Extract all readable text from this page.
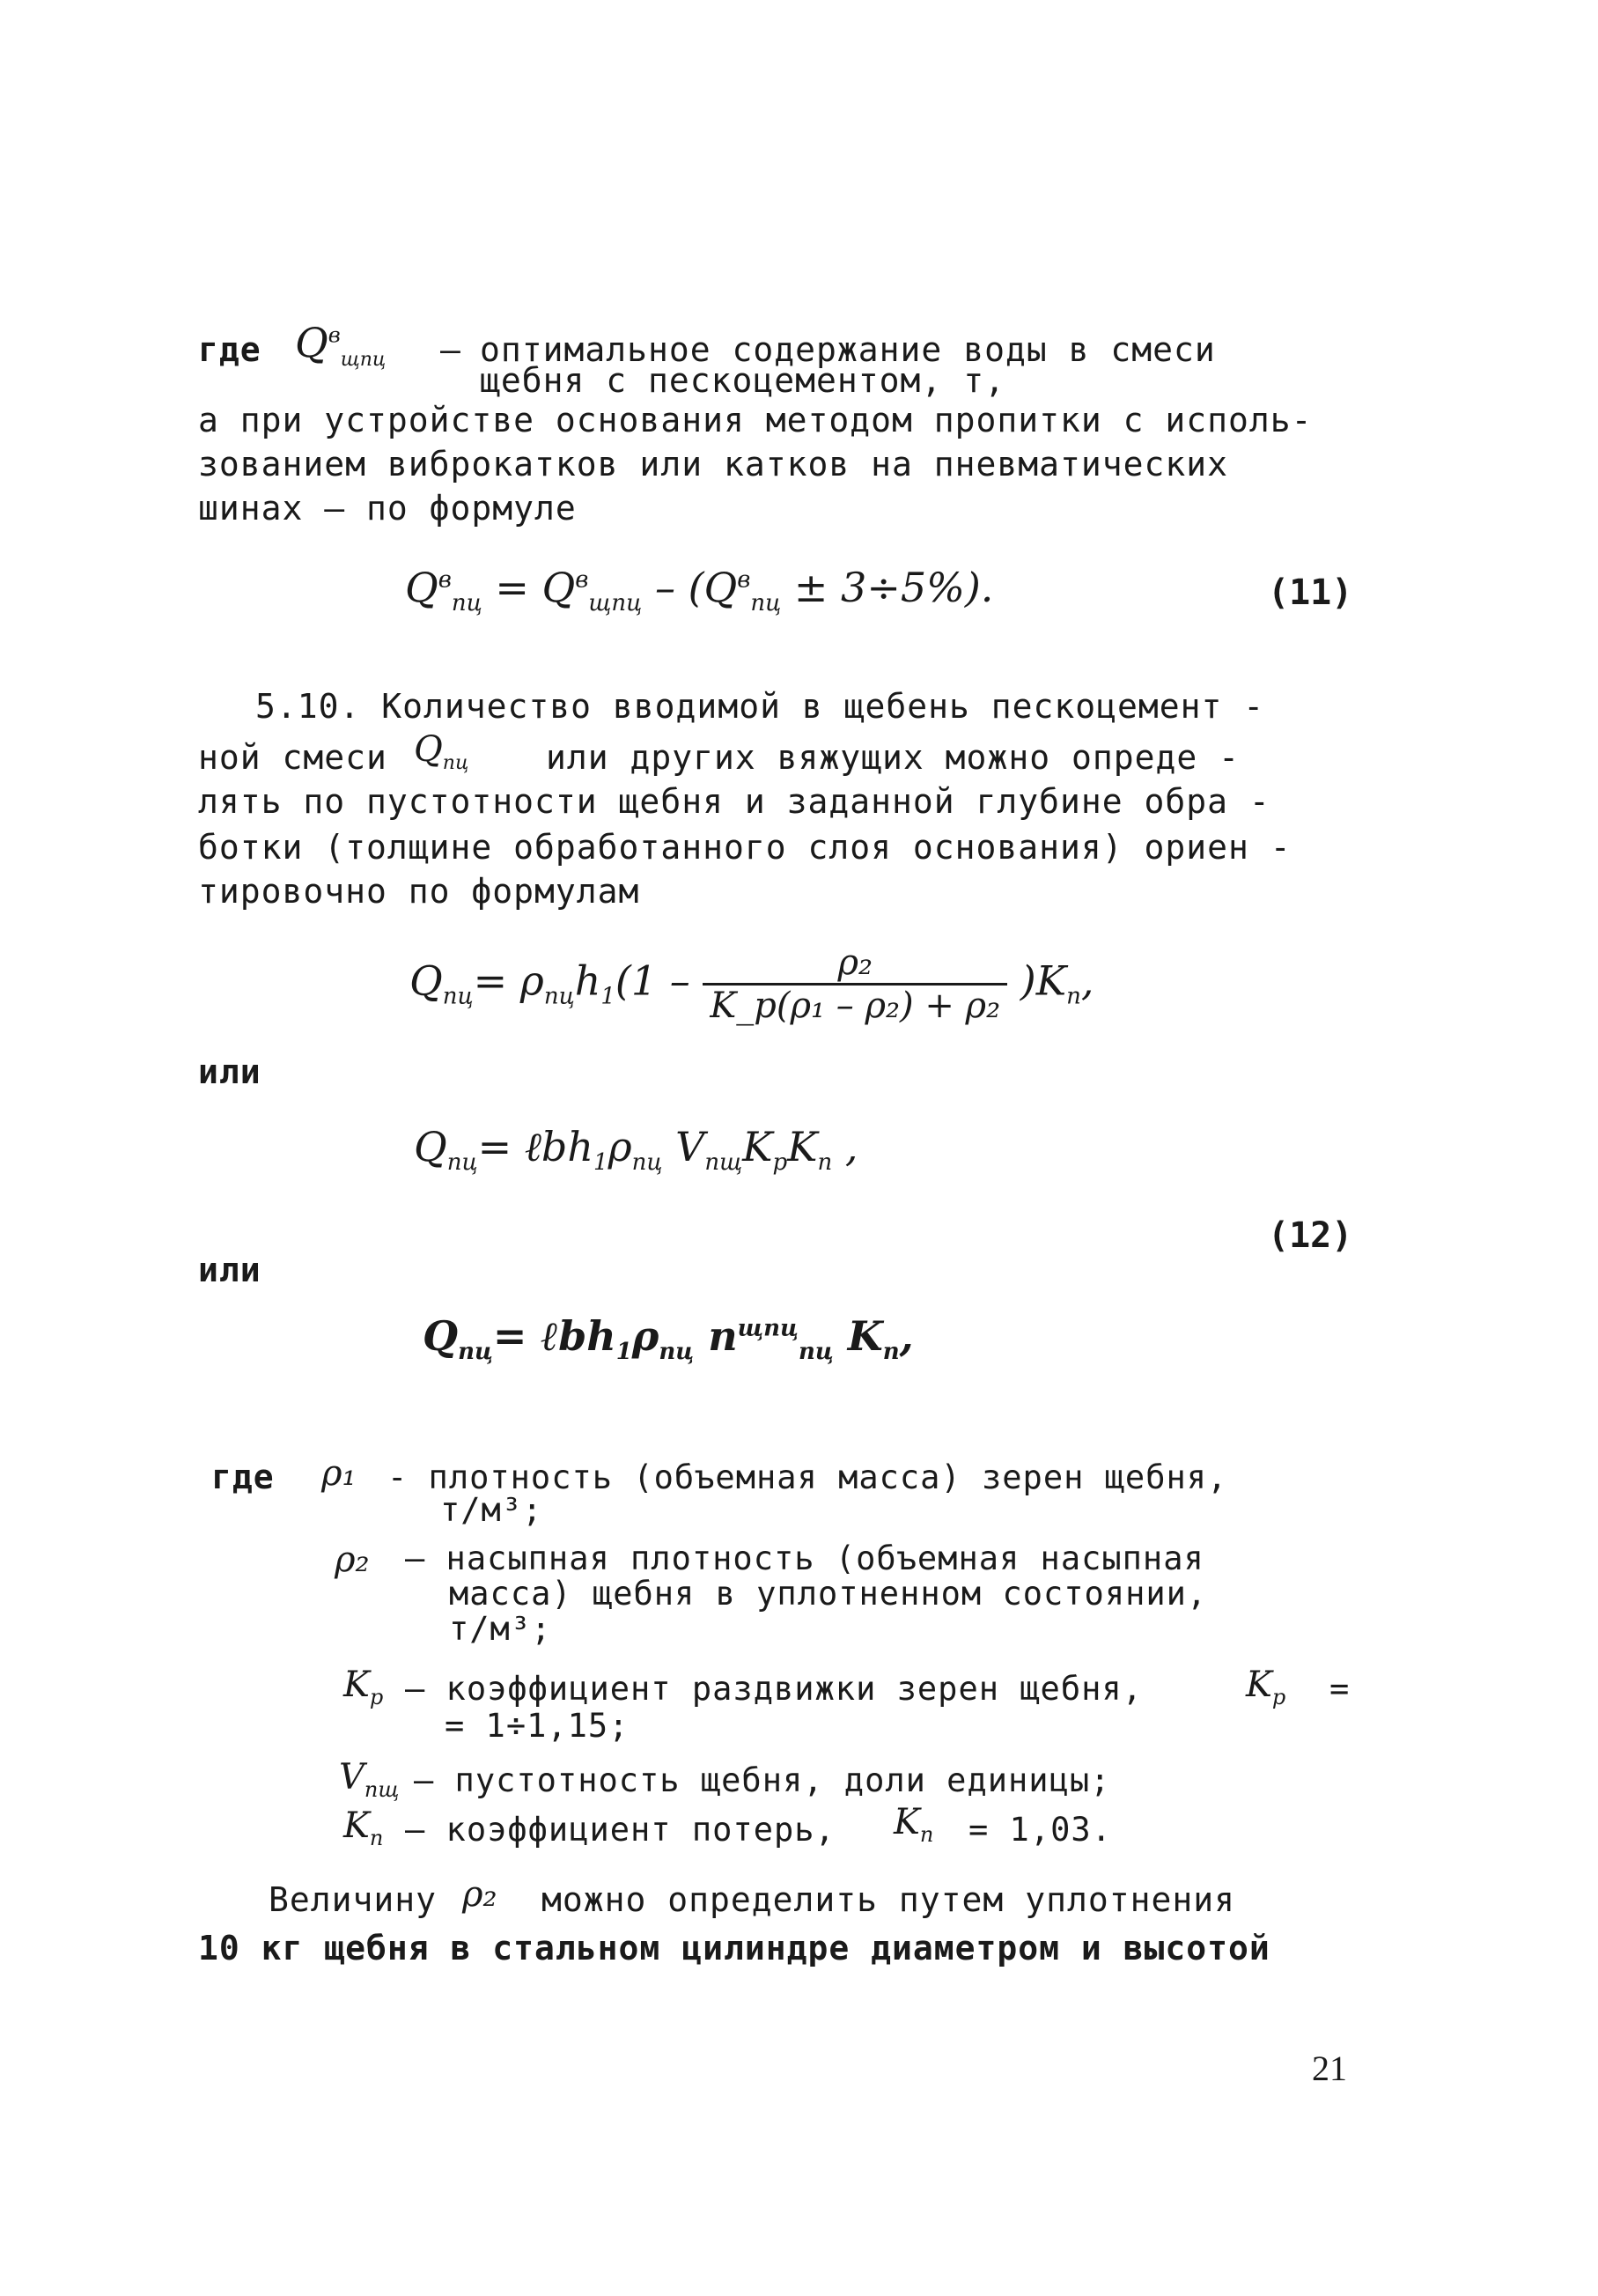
где $Q^в_{щпц}$ – оптимальное содержание воды в смеси
щебня с пескоцементом, т,
а при устройстве основания методом пропитки с исполь-
зованием виброкатков или катков на пневматических
шинах – по формуле
$Q^в_{пц} = Q^в_{щпц} - (Q^в_{пц} \pm 3\div 5\%)$.	(11)
5.10. Количество вводимой в щебень пескоцемент -
ной смеси $Q_{пц}$ или других вяжущих можно опреде -
лять по пустотности щебня и заданной глубине обра -
ботки (толщине обработанного слоя основания) ориен -
тировочно по формулам
$Q_{пц}= \rho_{пц}h_1(1 - \frac{\text{ρ₂}}{\text{K\_p(ρ₁ – ρ₂) + ρ₂}} )K_п$,
или
$Q_{пц}=$ $\ell bh_1\rho_{пц}$ $V_{пщ}K_pK_п$ ,
(12)
или
$Q_{пц}=$ $\ell bh_1\rho_{пц}$ $n^{щпц}_{пц}$ $K_п$,
где ρ₁ - плотность (объемная масса) зерен щебня,
т/м³;
ρ₂ – насыпная плотность (объемная насыпная
масса) щебня в уплотненном состоянии,
т/м³;
$K_p$ – коэффициент раздвижки зерен щебня,	$K_p$ =
= 1÷1,15;
$V_{пщ}$ – пустотность щебня, доли единицы;
$K_п$ – коэффициент потерь, $K_п = 1,03$.
Величину ρ₂ можно определить путем уплотнения
10 кг щебня в стальном цилиндре диаметром и высотой
21
